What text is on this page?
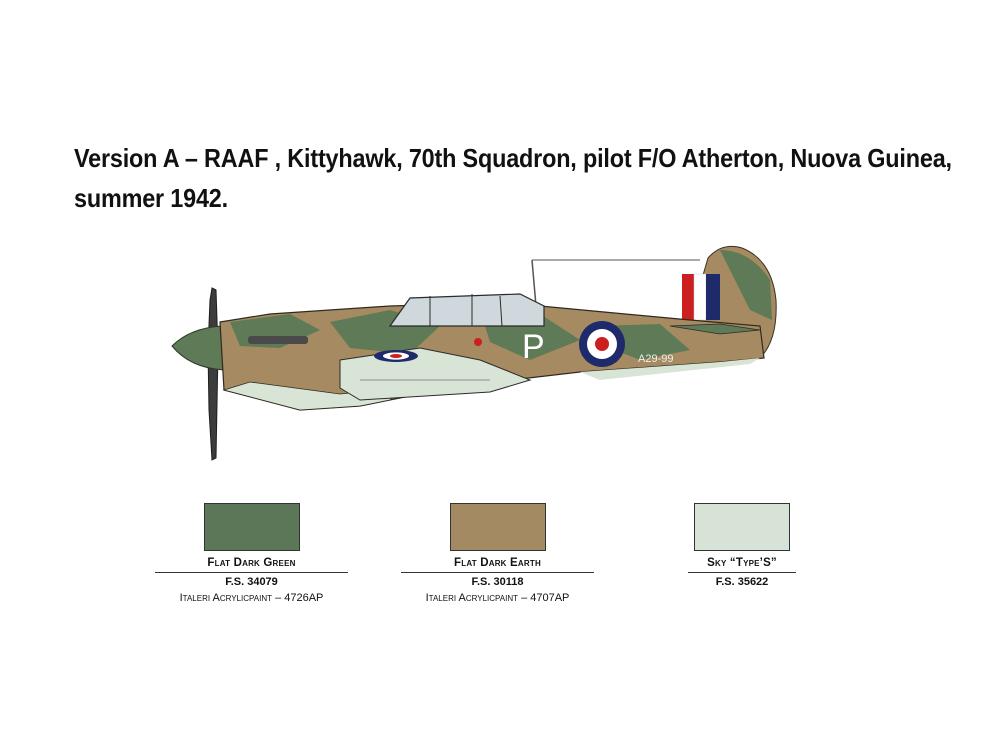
Version A – RAAF , Kittyhawk, 70th Squadron, pilot F/O Atherton, Nuova Guinea,
summer 1942.
P	A29-99
Flat Dark Green
F.S. 34079
Italeri Acrylicpaint – 4726AP
Flat Dark Earth
F.S. 30118
Italeri Acrylicpaint – 4707AP
Sky “Type’S”
F.S. 35622
